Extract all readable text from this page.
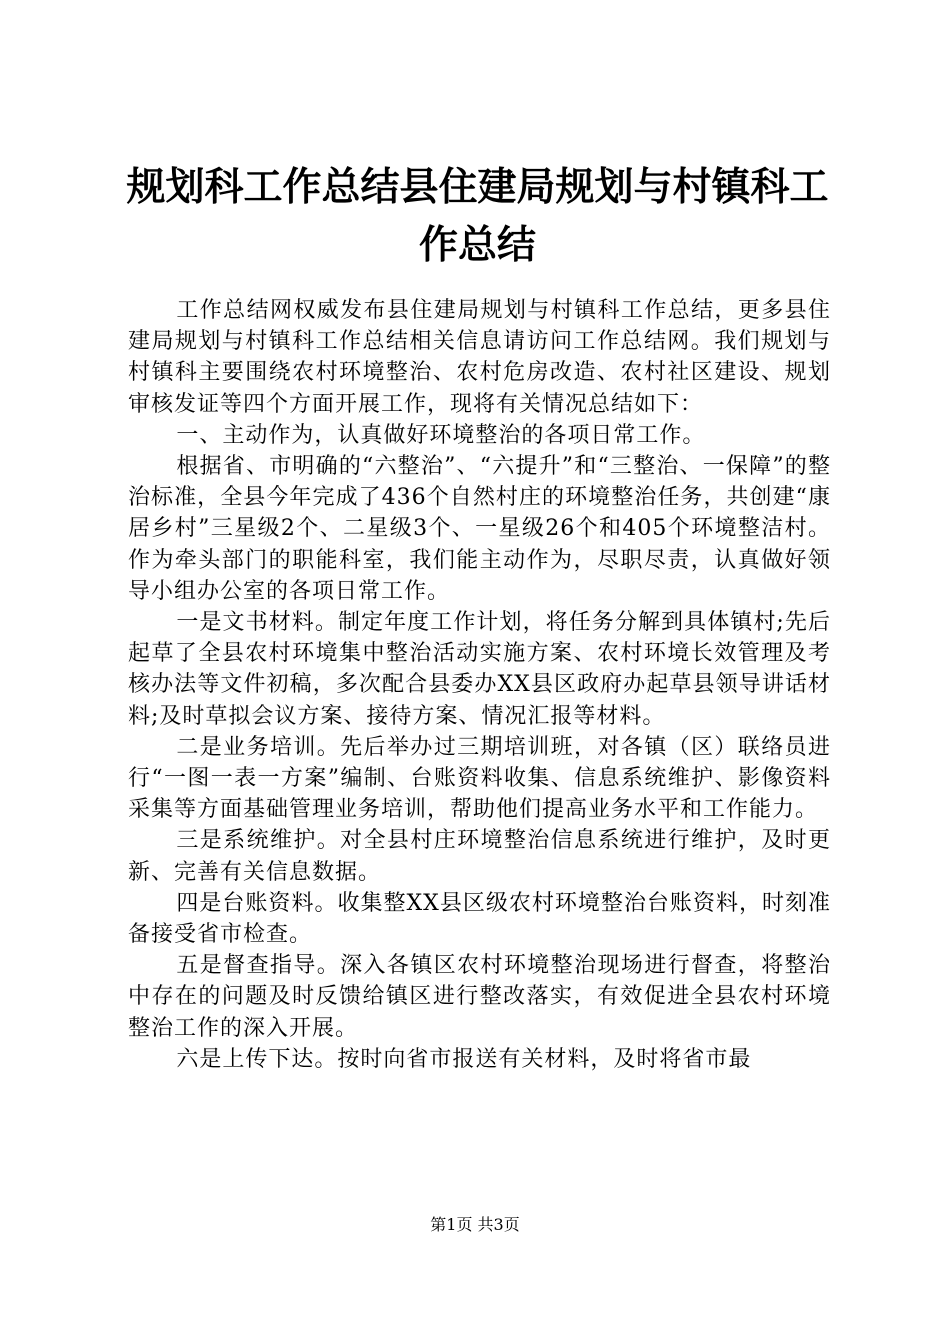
规划科工作总结县住建局规划与村镇科工作总结

工作总结网权威发布县住建局规划与村镇科工作总结，更多县住建局规划与村镇科工作总结相关信息请访问工作总结网。我们规划与村镇科主要围绕农村环境整治、农村危房改造、农村社区建设、规划审核发证等四个方面开展工作，现将有关情况总结如下：

一、主动作为，认真做好环境整治的各项日常工作。

根据省、市明确的“六整治”、“六提升”和“三整治、一保障”的整治标准，全县今年完成了436个自然村庄的环境整治任务，共创建“康居乡村”三星级2个、二星级3个、一星级26个和405个环境整洁村。作为牵头部门的职能科室，我们能主动作为，尽职尽责，认真做好领导小组办公室的各项日常工作。

一是文书材料。制定年度工作计划，将任务分解到具体镇村;先后起草了全县农村环境集中整治活动实施方案、农村环境长效管理及考核办法等文件初稿，多次配合县委办XX县区政府办起草县领导讲话材料;及时草拟会议方案、接待方案、情况汇报等材料。

二是业务培训。先后举办过三期培训班，对各镇（区）联络员进行“一图一表一方案”编制、台账资料收集、信息系统维护、影像资料采集等方面基础管理业务培训，帮助他们提高业务水平和工作能力。

三是系统维护。对全县村庄环境整治信息系统进行维护，及时更新、完善有关信息数据。

四是台账资料。收集整XX县区级农村环境整治台账资料，时刻准备接受省市检查。

五是督查指导。深入各镇区农村环境整治现场进行督查，将整治中存在的问题及时反馈给镇区进行整改落实，有效促进全县农村环境整治工作的深入开展。

六是上传下达。按时向省市报送有关材料，及时将省市最

第1页 共3页
